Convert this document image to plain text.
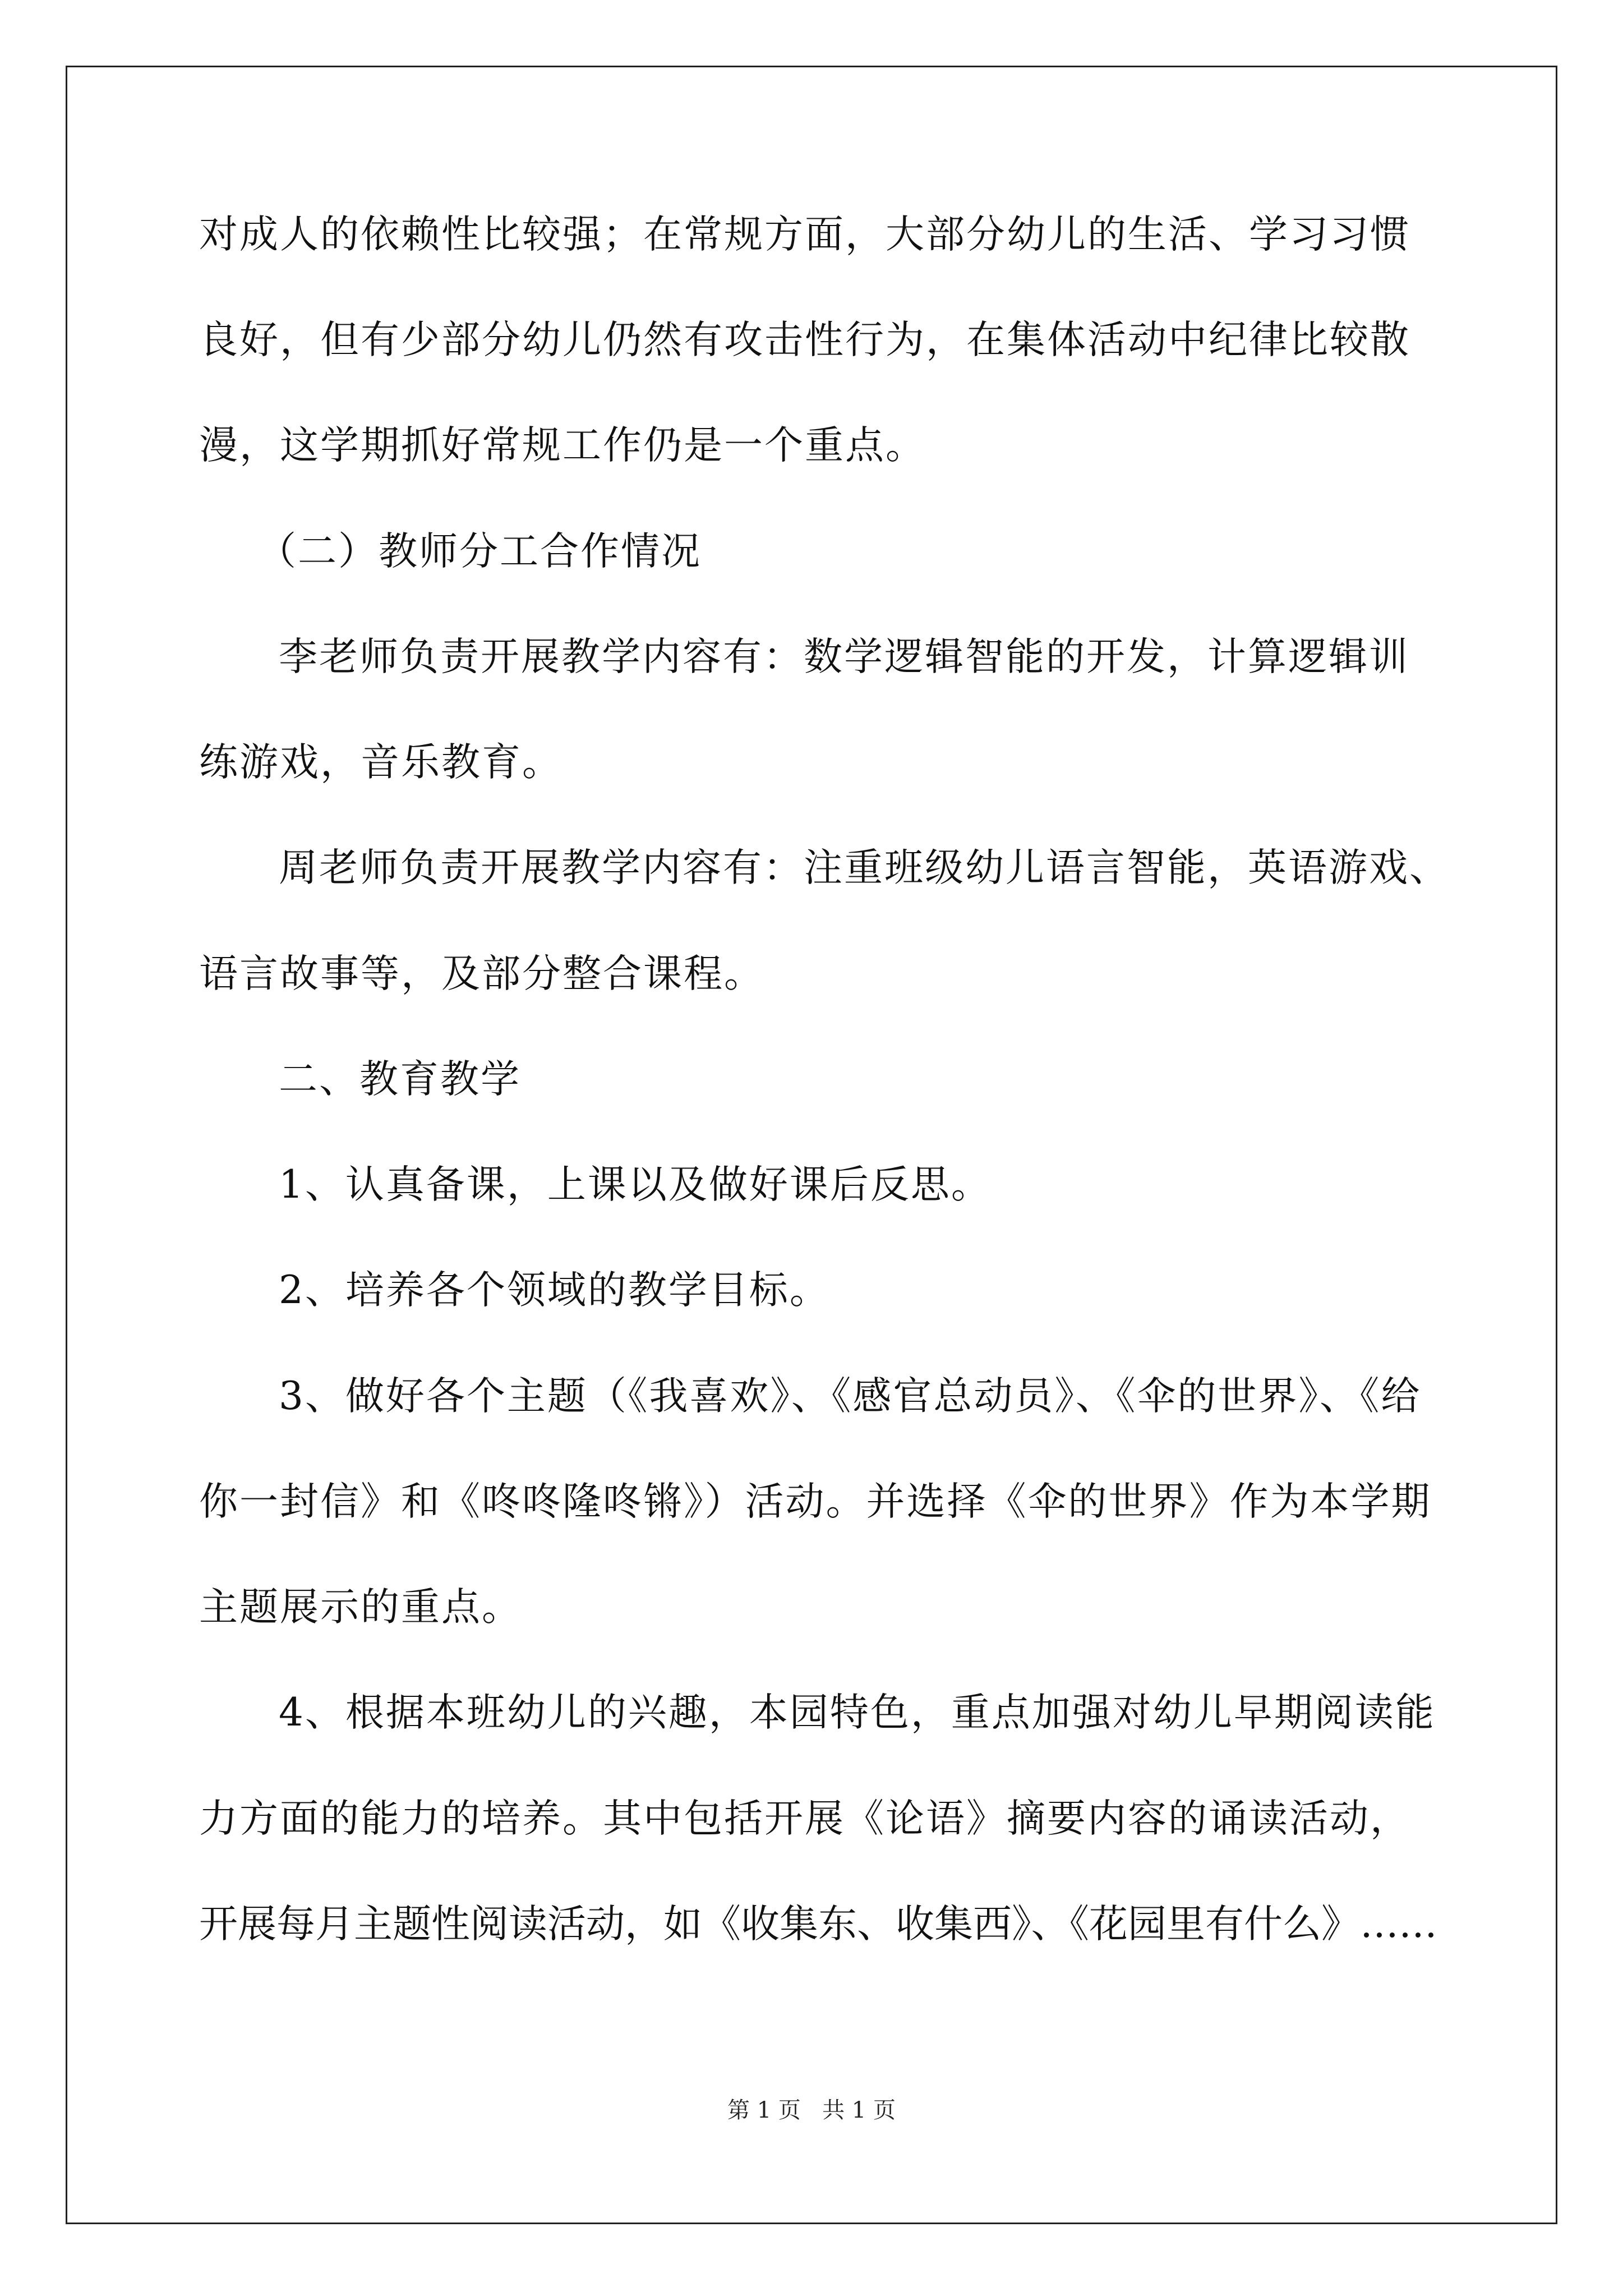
对成人的依赖性比较强；在常规方面，大部分幼儿的生活、学习习惯
良好，但有少部分幼儿仍然有攻击性行为，在集体活动中纪律比较散
漫，这学期抓好常规工作仍是一个重点。
（二）教师分工合作情况
李老师负责开展教学内容有：数学逻辑智能的开发，计算逻辑训
练游戏，音乐教育。
周老师负责开展教学内容有：注重班级幼儿语言智能，英语游戏、
语言故事等，及部分整合课程。
二、教育教学
1、认真备课，上课以及做好课后反思。
2、培养各个领域的教学目标。
3、做好各个主题（《我喜欢》、《感官总动员》、《伞的世界》、《给
你一封信》和《咚咚隆咚锵》）活动。并选择《伞的世界》作为本学期
主题展示的重点。
4、根据本班幼儿的兴趣，本园特色，重点加强对幼儿早期阅读能
力方面的能力的培养。其中包括开展《论语》摘要内容的诵读活动，
开展每月主题性阅读活动，如《收集东、收集西》、《花园里有什么》……
第 1 页   共 1 页
